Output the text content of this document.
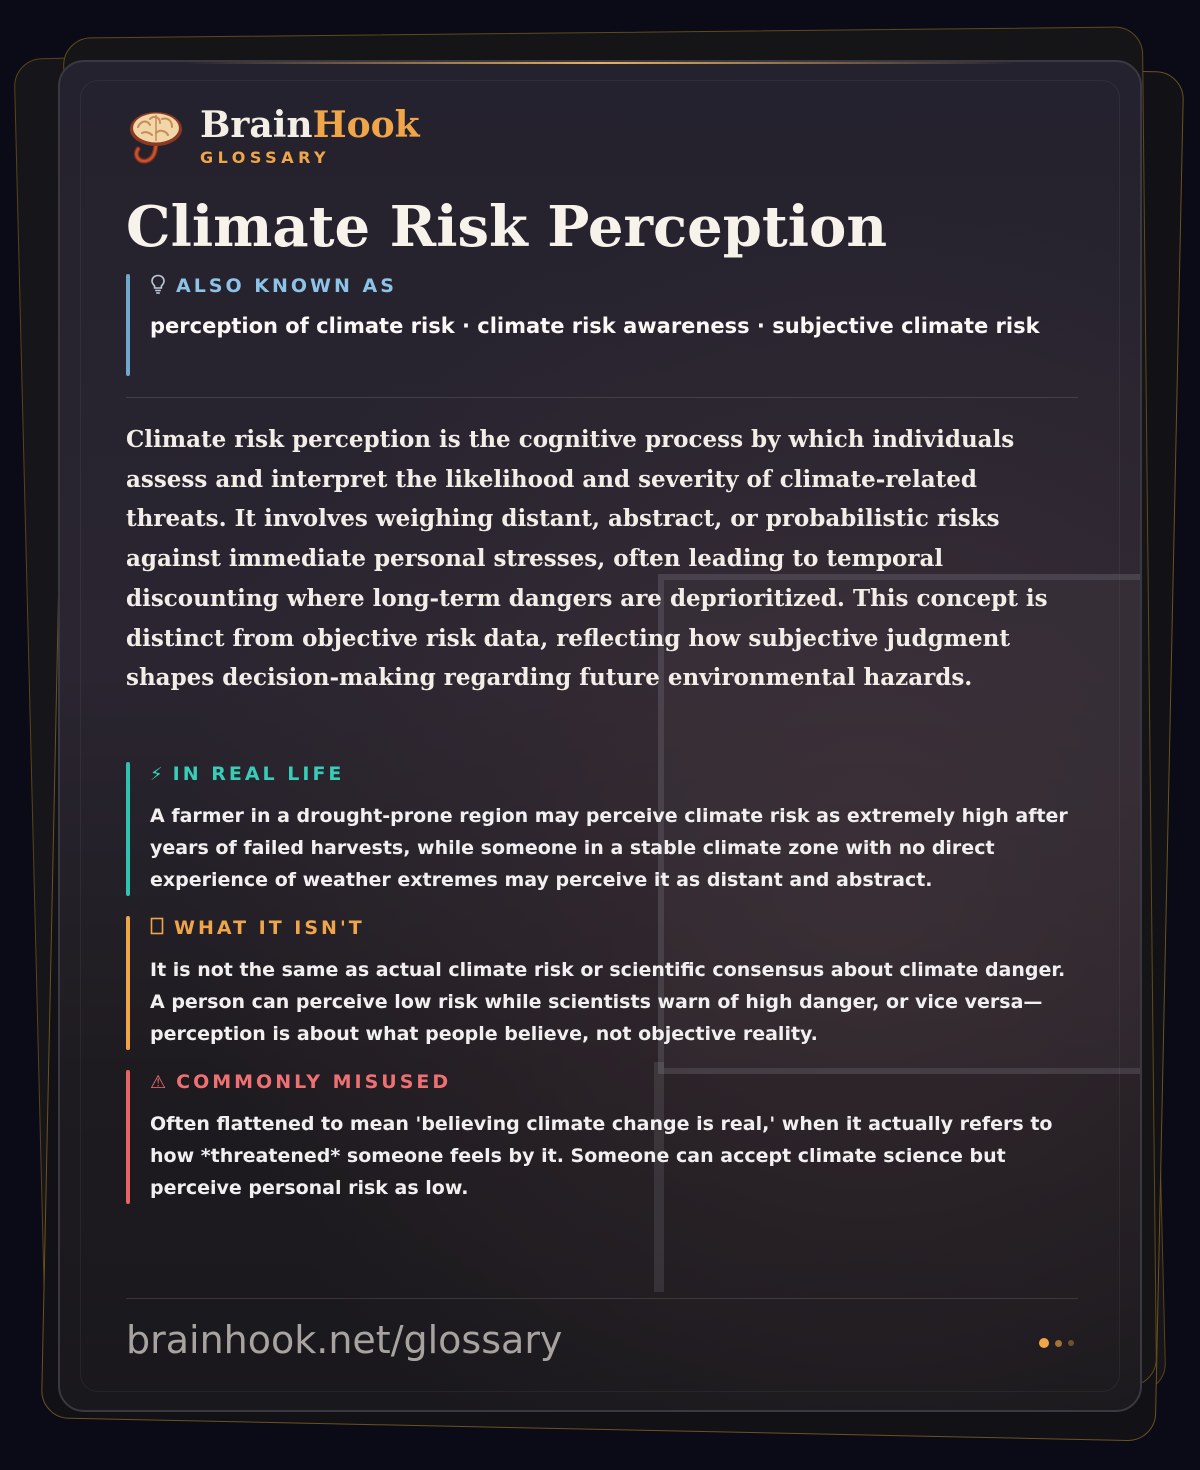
BrainHook
GLOSSARY
Climate Risk Perception
ALSO KNOWN AS
perception of climate risk · climate risk awareness · subjective climate risk
Climate risk perception is the cognitive process by which individuals assess and interpret the likelihood and severity of climate-related threats. It involves weighing distant, abstract, or probabilistic risks against immediate personal stresses, often leading to temporal discounting where long-term dangers are deprioritized. This concept is distinct from objective risk data, reflecting how subjective judgment shapes decision-making regarding future environmental hazards.
⚡ IN REAL LIFE
A farmer in a drought-prone region may perceive climate risk as extremely high after years of failed harvests, while someone in a stable climate zone with no direct experience of weather extremes may perceive it as distant and abstract.
WHAT IT ISN'T
It is not the same as actual climate risk or scientific consensus about climate danger. A person can perceive low risk while scientists warn of high danger, or vice versa—perception is about what people believe, not objective reality.
⚠ COMMONLY MISUSED
Often flattened to mean 'believing climate change is real,' when it actually refers to how *threatened* someone feels by it. Someone can accept climate science but perceive personal risk as low.
brainhook.net/glossary
